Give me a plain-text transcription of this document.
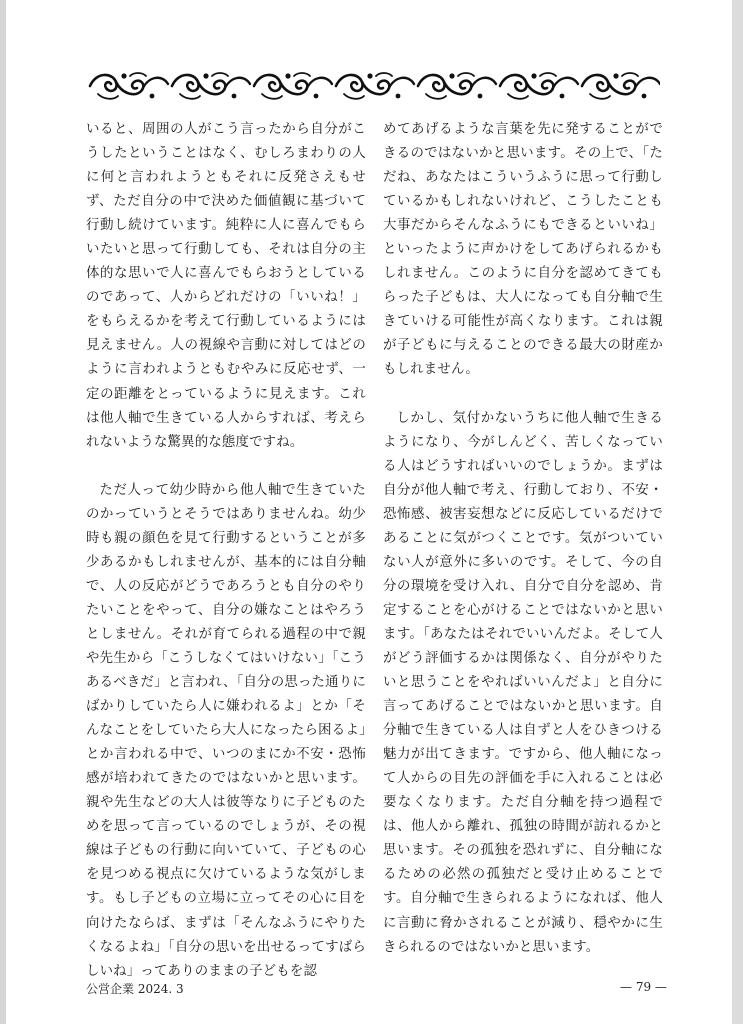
いると、周囲の人がこう言ったから自分がこうしたということはなく、むしろまわりの人に何と言われようともそれに反発さえもせず、ただ自分の中で決めた価値観に基づいて行動し続けています。純粋に人に喜んでもらいたいと思って行動しても、それは自分の主体的な思いで人に喜んでもらおうとしているのであって、人からどれだけの「いいね！」をもらえるかを考えて行動しているようには見えません。人の視線や言動に対してはどのように言われようともむやみに反応せず、一定の距離をとっているように見えます。これは他人軸で生きている人からすれば、考えられないような驚異的な態度ですね。

ただ人って幼少時から他人軸で生きていたのかっていうとそうではありませんね。幼少時も親の顔色を見て行動するということが多少あるかもしれませんが、基本的には自分軸で、人の反応がどうであろうとも自分のやりたいことをやって、自分の嫌なことはやろうとしません。それが育てられる過程の中で親や先生から「こうしなくてはいけない」「こうあるべきだ」と言われ、「自分の思った通りにばかりしていたら人に嫌われるよ」とか「そんなことをしていたら大人になったら困るよ」とか言われる中で、いつのまにか不安・恐怖感が培われてきたのではないかと思います。親や先生などの大人は彼等なりに子どものためを思って言っているのでしょうが、その視線は子どもの行動に向いていて、子どもの心を見つめる視点に欠けているような気がします。もし子どもの立場に立ってその心に目を向けたならば、まずは「そんなふうにやりたくなるよね」「自分の思いを出せるってすばらしいね」ってありのままの子どもを認

めてあげるような言葉を先に発することができるのではないかと思います。その上で、「ただね、あなたはこういうふうに思って行動しているかもしれないけれど、こうしたことも大事だからそんなふうにもできるといいね」といったように声かけをしてあげられるかもしれません。このように自分を認めてきてもらった子どもは、大人になっても自分軸で生きていける可能性が高くなります。これは親が子どもに与えることのできる最大の財産かもしれません。

しかし、気付かないうちに他人軸で生きるようになり、今がしんどく、苦しくなっている人はどうすればいいのでしょうか。まずは自分が他人軸で考え、行動しており、不安・恐怖感、被害妄想などに反応しているだけであることに気がつくことです。気がついていない人が意外に多いのです。そして、今の自分の環境を受け入れ、自分で自分を認め、肯定することを心がけることではないかと思います。「あなたはそれでいいんだよ。そして人がどう評価するかは関係なく、自分がやりたいと思うことをやればいいんだよ」と自分に言ってあげることではないかと思います。自分軸で生きている人は自ずと人をひきつける魅力が出てきます。ですから、他人軸になって人からの目先の評価を手に入れることは必要なくなります。ただ自分軸を持つ過程では、他人から離れ、孤独の時間が訪れるかと思います。その孤独を恐れずに、自分軸になるための必然の孤独だと受け止めることです。自分軸で生きられるようになれば、他人に言動に脅かされることが減り、穏やかに生きられるのではないかと思います。

公営企業 2024. 3	— 79 —
